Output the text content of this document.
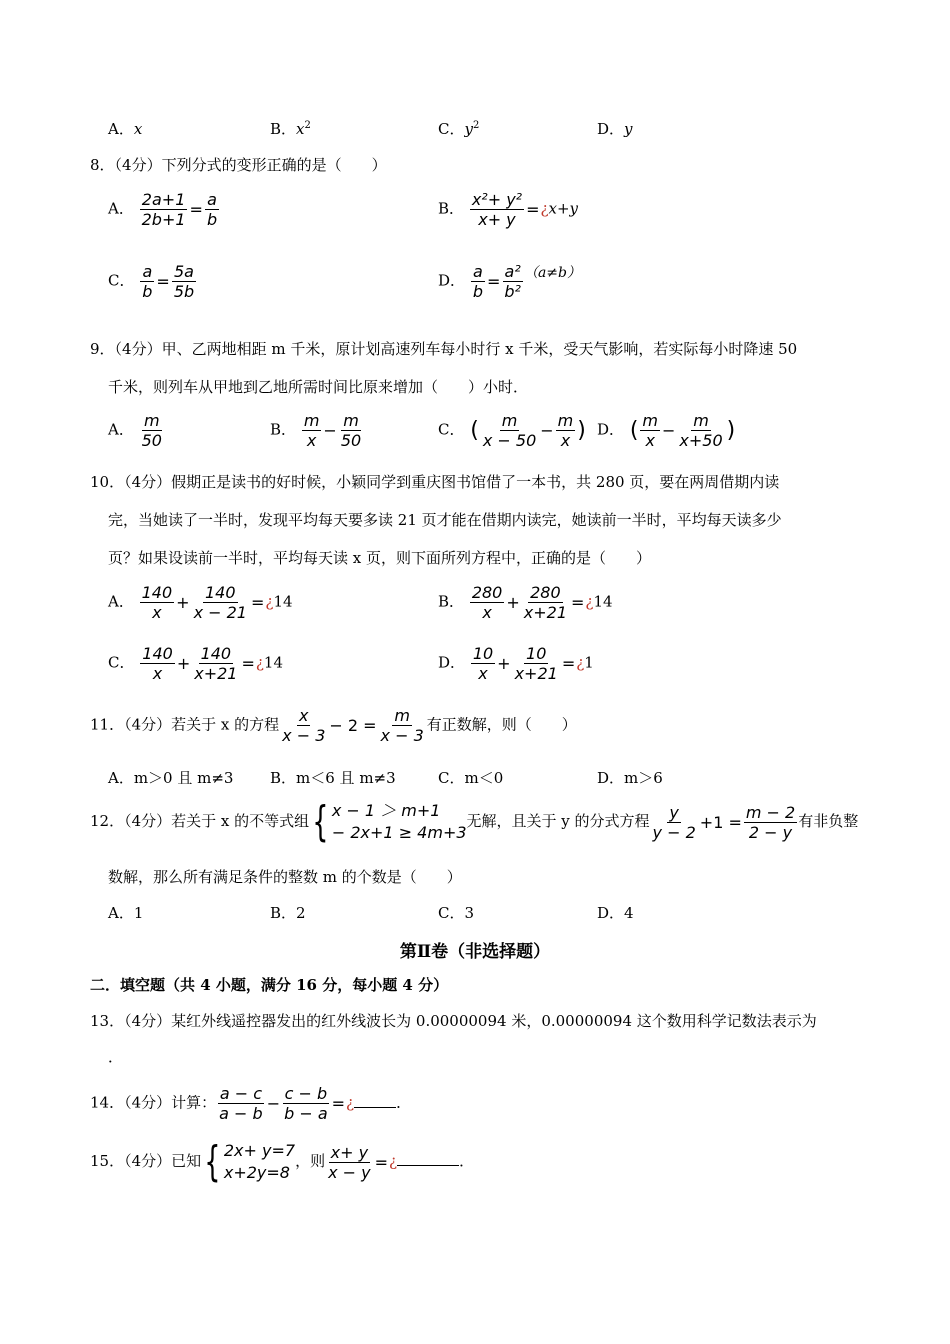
A．x	B．$x^2$	C．$y^2$	D．y
8．（4分）下列分式的变形正确的是（　　）
A． $\frac{2a+1}{2b+1} = \frac{a}{b}$	B． $\frac{\text{x²+ y²}}{x+ y}$ =¿x+y
C． $\frac{a}{b} = \frac{5a}{5b}$	D． $\frac{a}{b} = \frac{\text{a²}}{\text{b²}} (a\ne b)$
9．（4分）甲、乙两地相距 m 千米，原计划高速列车每小时行 x 千米，受天气影响，若实际每小时降速 50
千米，则列车从甲地到乙地所需时间比原来增加（　　）小时．
A． $\frac{m}{50}$	B． $\frac{m}{x} - \frac{m}{50}$	C． ( $\frac{m}{x - 50} - \frac{m}{x}$ ) D． ( $\frac{m}{x} - \frac{m}{x+50}$ )
10．（4分）假期正是读书的好时候，小颖同学到重庆图书馆借了一本书，共 280 页，要在两周借期内读
完，当她读了一半时，发现平均每天要多读 21 页才能在借期内读完，她读前一半时，平均每天读多少
页？如果设读前一半时，平均每天读 x 页，则下面所列方程中，正确的是（　　）
A． $\frac{140}{x} + \frac{140}{x - 21}$ =¿14	B． $\frac{280}{x} + \frac{280}{x+21}$ =¿14
C． $\frac{140}{x} + \frac{140}{x+21}$ =¿14	D． $\frac{10}{x} + \frac{10}{x+21}$ =¿1
11．（4分）若关于 x 的方程 $\frac{x}{x - 3} - 2 = \frac{m}{x - 3}$ 有正数解，则（　　）
A．m＞0 且 m≠3 B．m＜6 且 m≠3	C．m＜0	D．m＞6
12．（4分）若关于 x 的不等式组{ x − 1 ＞ m+1
− 2x+1 ≥ 4m+3
无解，且关于 y 的分式方程 $\frac{y}{y - 2} +1 = \frac{m - 2}{2 - y}$ 有非负整
数解，那么所有满足条件的整数 m 的个数是（　　）
A．1	B．2	C．3	D．4
第Ⅱ卷（非选择题）
二．填空题（共 4 小题，满分 16 分，每小题 4 分）
13．（4分）某红外线遥控器发出的红外线波长为 0.00000094 米，0.00000094 这个数用科学记数法表示为
．
14．（4分）计算： $\frac{a - c}{a - b} - \frac{c - b}{b - a}$ =¿	．
15．（4分）已知{ 2x+ y=7
x+2y=8
，则 $\frac{x+ y}{x - y}$ =¿	．
